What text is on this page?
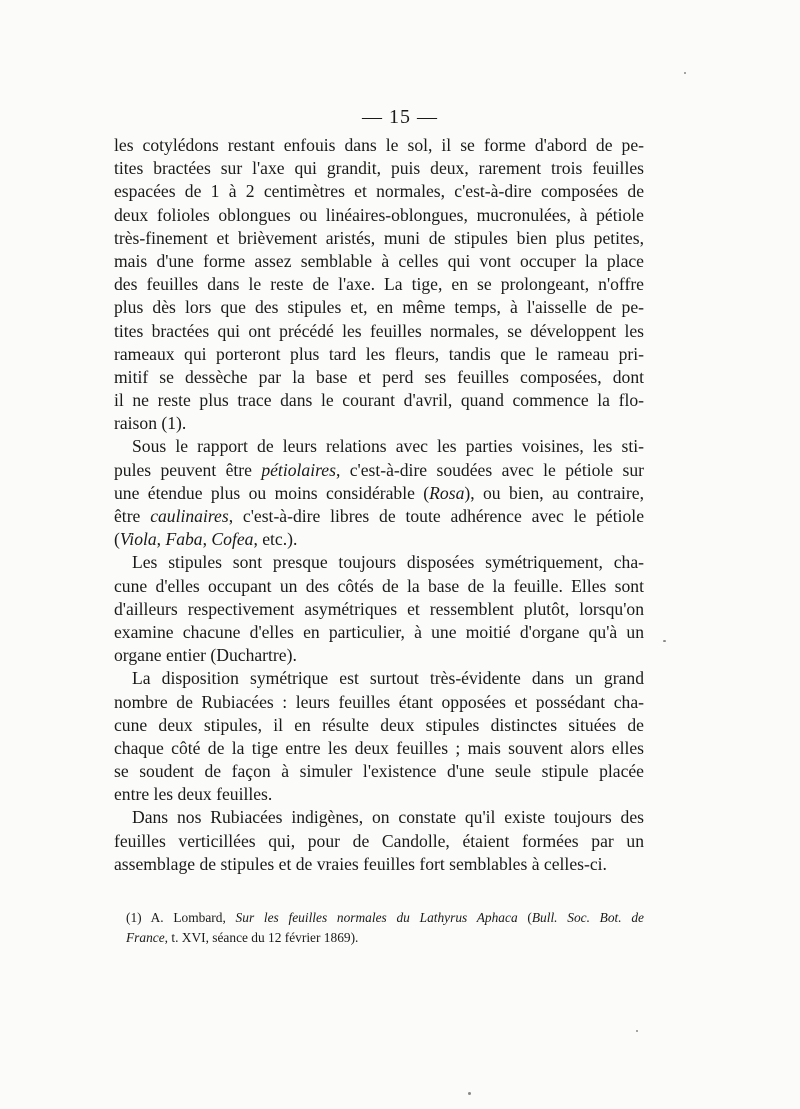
— 15 —
les cotylédons restant enfouis dans le sol, il se forme d'abord de pe-
tites bractées sur l'axe qui grandit, puis deux, rarement trois feuilles
espacées de 1 à 2 centimètres et normales, c'est-à-dire composées de
deux folioles oblongues ou linéaires-oblongues, mucronulées, à pétiole
très-finement et brièvement aristés, muni de stipules bien plus petites,
mais d'une forme assez semblable à celles qui vont occuper la place
des feuilles dans le reste de l'axe. La tige, en se prolongeant, n'offre
plus dès lors que des stipules et, en même temps, à l'aisselle de pe-
tites bractées qui ont précédé les feuilles normales, se développent les
rameaux qui porteront plus tard les fleurs, tandis que le rameau pri-
mitif se dessèche par la base et perd ses feuilles composées, dont
il ne reste plus trace dans le courant d'avril, quand commence la flo-
raison (1).
Sous le rapport de leurs relations avec les parties voisines, les sti-
pules peuvent être pétiolaires, c'est-à-dire soudées avec le pétiole sur
une étendue plus ou moins considérable (Rosa), ou bien, au contraire,
être caulinaires, c'est-à-dire libres de toute adhérence avec le pétiole
(Viola, Faba, Cofea, etc.).
Les stipules sont presque toujours disposées symétriquement, cha-
cune d'elles occupant un des côtés de la base de la feuille. Elles sont
d'ailleurs respectivement asymétriques et ressemblent plutôt, lorsqu'on
examine chacune d'elles en particulier, à une moitié d'organe qu'à un
organe entier (Duchartre).
La disposition symétrique est surtout très-évidente dans un grand
nombre de Rubiacées : leurs feuilles étant opposées et possédant cha-
cune deux stipules, il en résulte deux stipules distinctes situées de
chaque côté de la tige entre les deux feuilles ; mais souvent alors elles
se soudent de façon à simuler l'existence d'une seule stipule placée
entre les deux feuilles.
Dans nos Rubiacées indigènes, on constate qu'il existe toujours des
feuilles verticillées qui, pour de Candolle, étaient formées par un
assemblage de stipules et de vraies feuilles fort semblables à celles-ci.
(1) A. Lombard, Sur les feuilles normales du Lathyrus Aphaca (Bull. Soc. Bot. de
France, t. XVI, séance du 12 février 1869).
